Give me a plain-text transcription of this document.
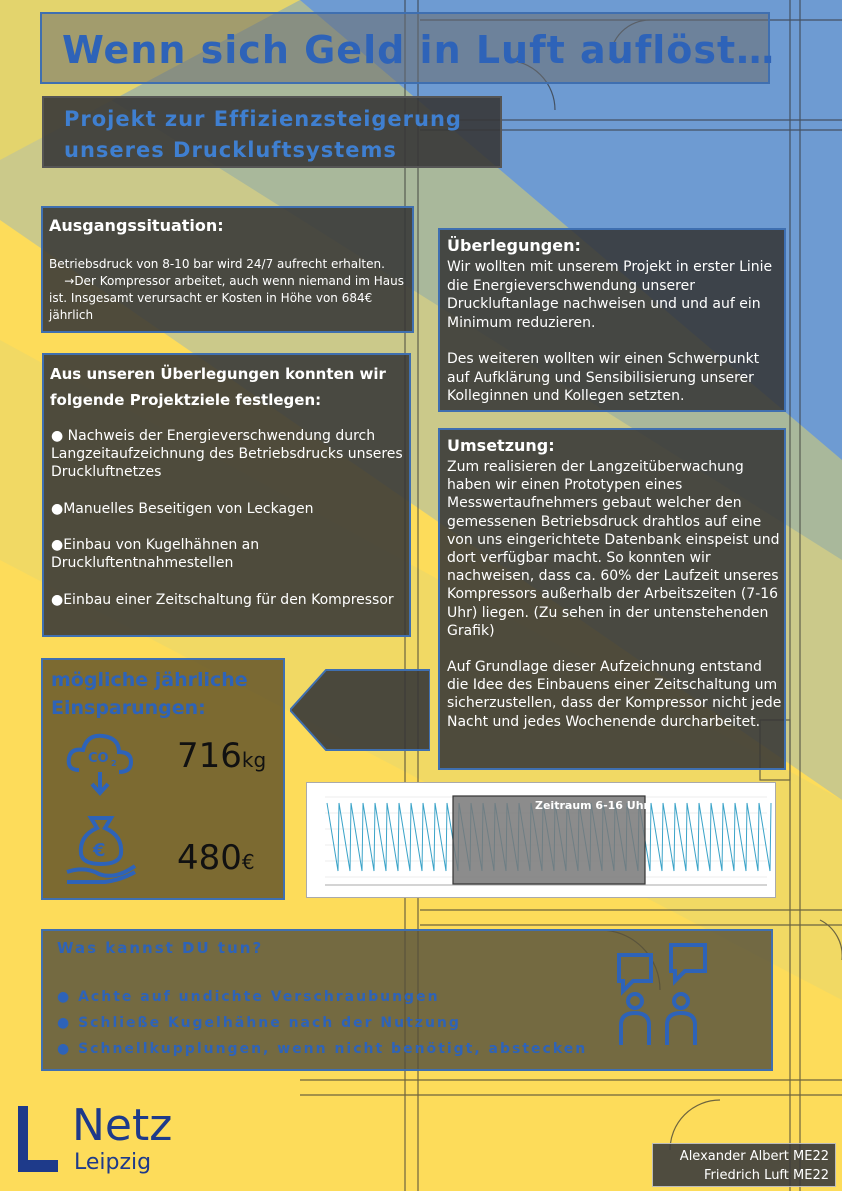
Wenn sich Geld in Luft auflöst…
Projekt zur Effizienzsteigerung
unseres Druckluftsystems
Ausgangssituation:
Betriebsdruck von 8-10 bar wird 24/7 aufrecht erhalten.
→Der Kompressor arbeitet, auch wenn niemand im Haus ist. Insgesamt verursacht er Kosten in Höhe von 684€ jährlich
Überlegungen:
Wir wollten mit unserem Projekt in erster Linie die Energieverschwendung unserer Druckluftanlage nachweisen und und auf ein Minimum reduzieren.
Des weiteren wollten wir einen Schwerpunkt auf Aufklärung und Sensibilisierung unserer Kolleginnen und Kollegen setzten.
Aus unseren Überlegungen konnten wir folgende Projektziele festlegen:
● Nachweis der Energieverschwendung durch Langzeitaufzeichnung des Betriebsdrucks unseres Druckluftnetzes
●Manuelles Beseitigen von Leckagen
●Einbau von Kugelhähnen an Druckluftentnahmestellen
●Einbau einer Zeitschaltung für den Kompressor
Umsetzung:
Zum realisieren der Langzeitüberwachung haben wir einen Prototypen eines Messwertaufnehmers gebaut welcher den gemessenen Betriebsdruck drahtlos auf eine von uns eingerichtete Datenbank einspeist und dort verfügbar macht. So konnten wir nachweisen, dass ca. 60% der Laufzeit unseres Kompressors außerhalb der Arbeitszeiten (7-16 Uhr) liegen. (Zu sehen in der untenstehenden Grafik)
Auf Grundlage dieser Aufzeichnung entstand die Idee des Einbauens einer Zeitschaltung um sicherzustellen, dass der Kompressor nicht jede Nacht und jedes Wochenende durcharbeitet.
mögliche jährliche
Einsparungen:
CO 2 716kg
€ 480€
Zeitraum 6-16 Uhr
Was kannst DU tun?
● Achte auf undichte Verschraubungen
● Schließe Kugelhähne nach der Nutzung
● Schnellkupplungen, wenn nicht benötigt, abstecken
Netz
Leipzig	Alexander Albert ME22
Friedrich Luft ME22
